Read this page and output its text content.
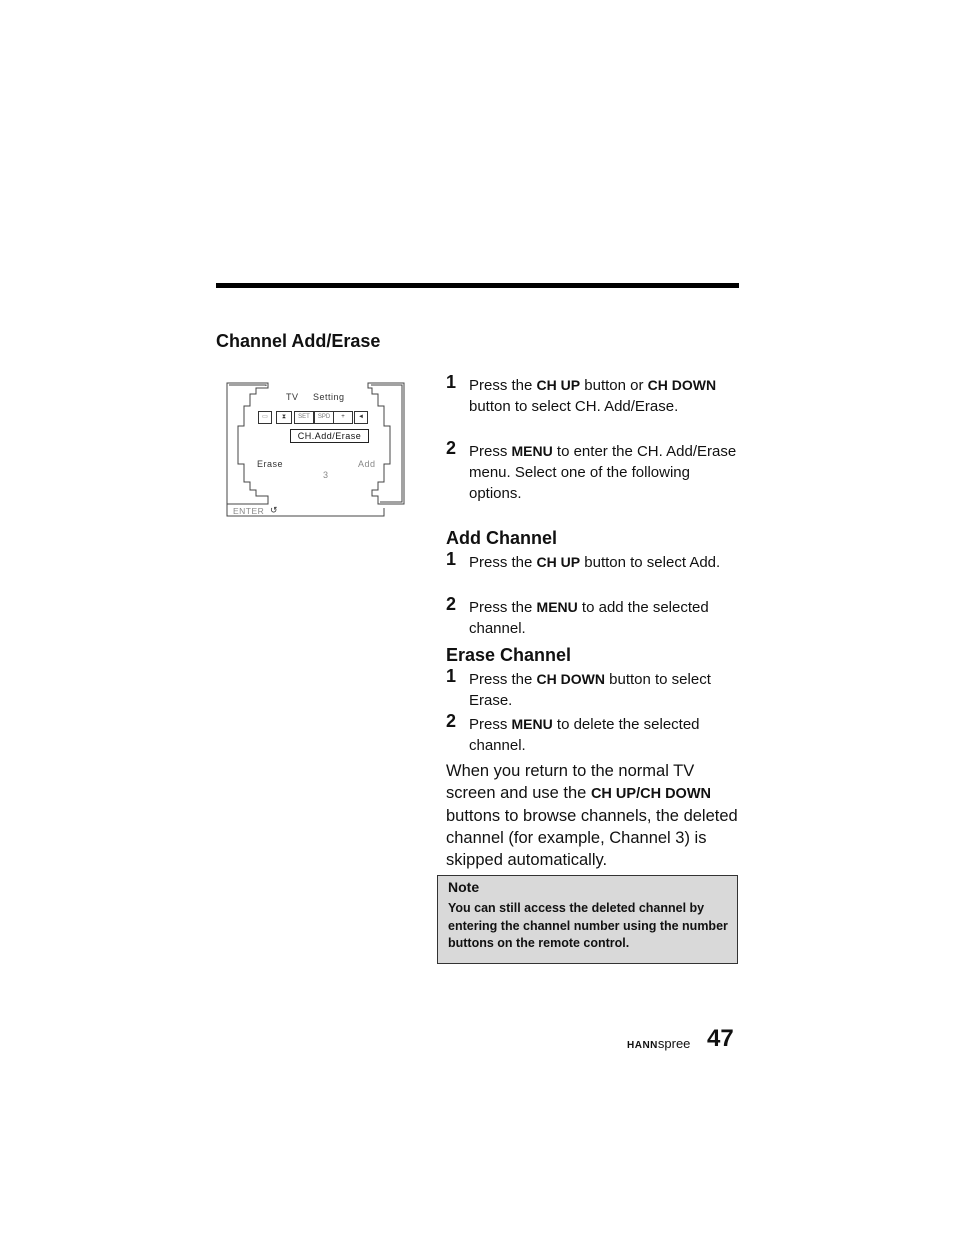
Channel Add/Erase
TV Setting
▭	⧗	SET	SPD	+	◄
CH.Add/Erase
Erase	Add
3
ENTER ↺
1 Press the CH UP button or CH DOWN button to select CH. Add/Erase.
2 Press MENU to enter the CH. Add/Erase menu. Select one of the following options.
Add Channel
1 Press the CH UP button to select Add.
2 Press the MENU to add the selected channel.
Erase Channel
1 Press the CH DOWN button to select Erase.
2 Press MENU to delete the selected channel.
When you return to the normal TV screen and use the CH UP/CH DOWN buttons to browse channels, the deleted channel (for example, Channel 3) is skipped automatically.
Note
You can still access the deleted channel by entering the channel number using the number buttons on the remote control.
HANNspree 47
